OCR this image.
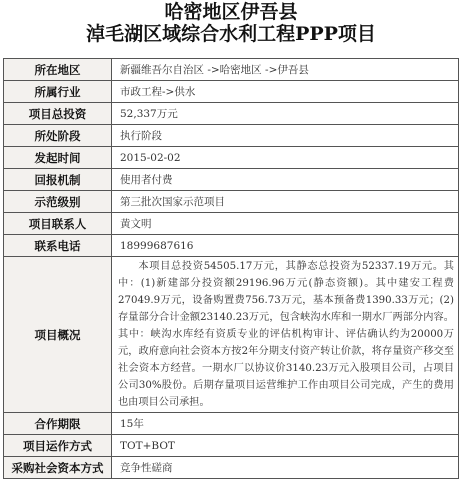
哈密地区伊吾县
淖毛湖区域综合水利工程PPP项目
所在地区	新疆维吾尔自治区 ->哈密地区 ->伊吾县
所属行业	市政工程->供水
项目总投资	52,337万元
所处阶段	执行阶段
发起时间	2015-02-02
回报机制	使用者付费
示范级别	第三批次国家示范项目
项目联系人	黄文明
联系电话	18999687616
项目概况	本项目总投资54505.17万元，其静态总投资为52337.19万元。其中：(1)新建部分投资额29196.96万元(静态资额)。其中建安工程费27049.9万元，设备购置费756.73万元，基本预备费1390.33万元；(2)存量部分合计金额23140.23万元，包含峡沟水库和一期水厂两部分内容。其中：峡沟水库经有资质专业的评估机构审计、评估确认约为20000万元，政府意向社会资本方按2年分期支付资产转让价款，将存量资产移交至社会资本方经营。一期水厂以协议价3140.23万元入股项目公司，占项目公司30%股份。后期存量项目运营维护工作由项目公司完成，产生的费用也由项目公司承担。
合作期限	15年
项目运作方式	TOT+BOT
采购社会资本方式	竞争性磋商
